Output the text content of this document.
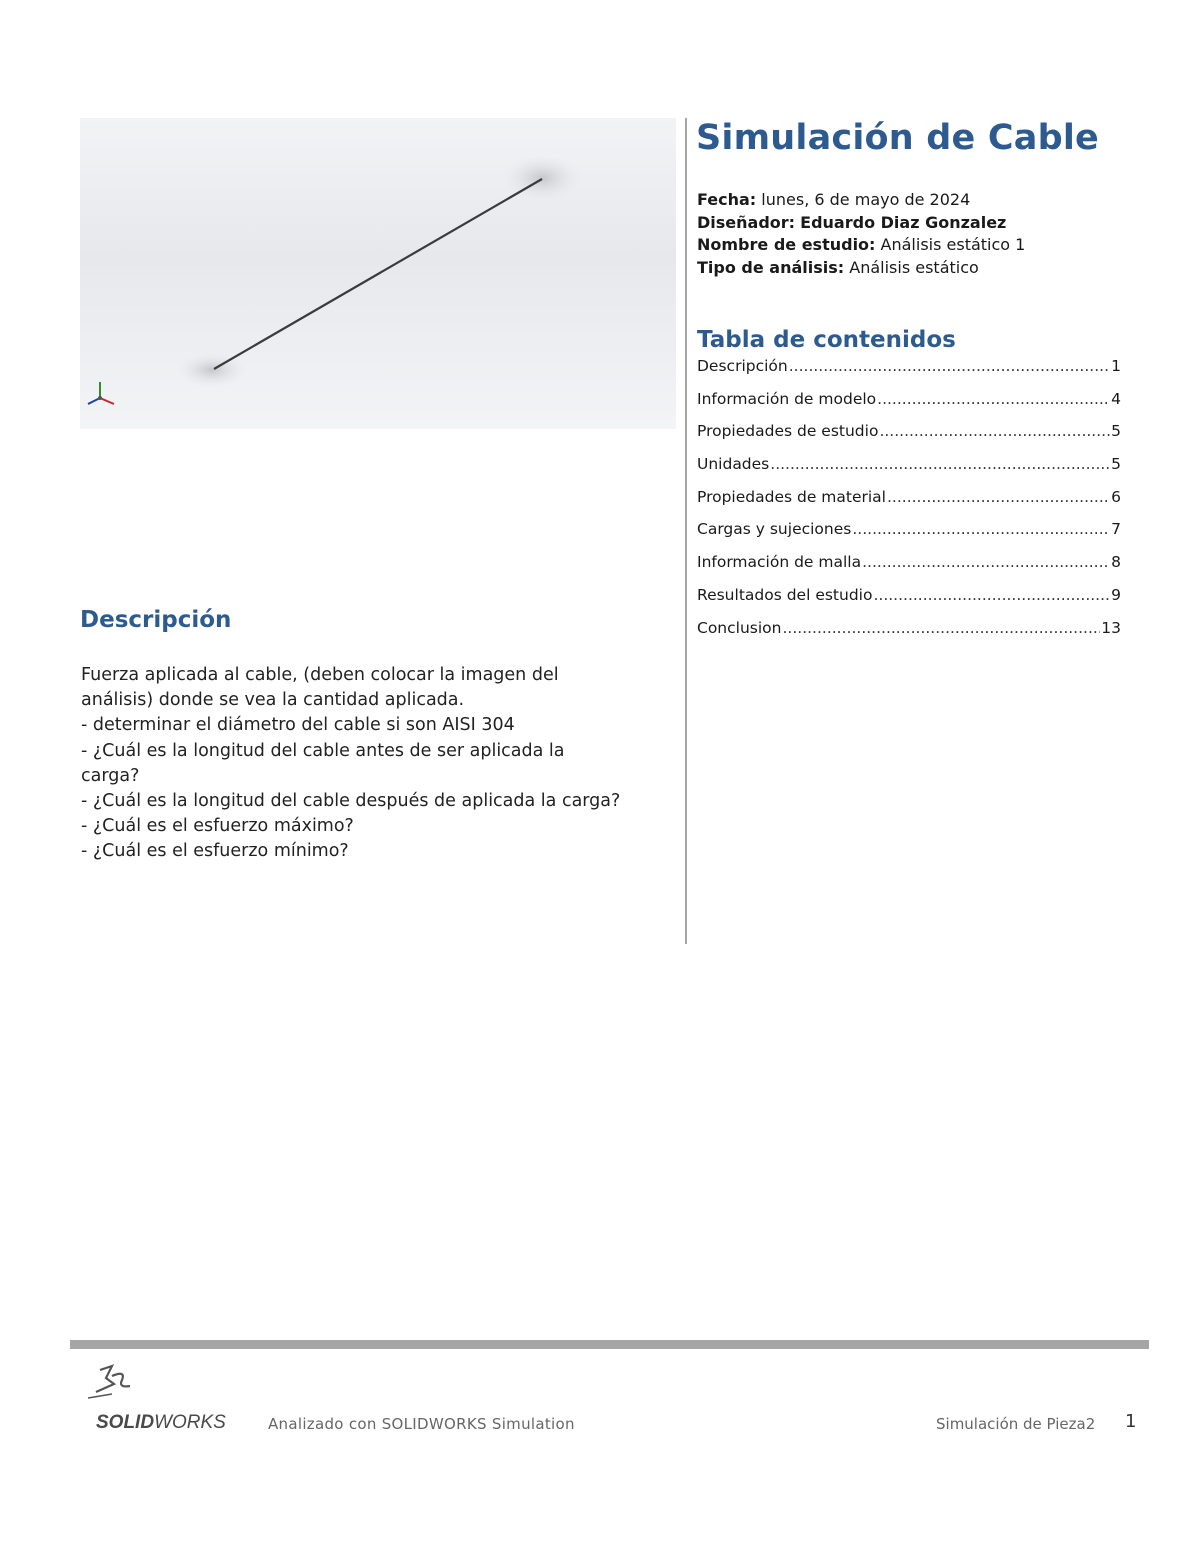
Simulación de Cable
Fecha: lunes, 6 de mayo de 2024
Diseñador: Eduardo Diaz Gonzalez
Nombre de estudio: Análisis estático 1
Tipo de análisis: Análisis estático
Tabla de contenidos
Descripción .....	1
Información de modelo .....	4
Propiedades de estudio .....	5
Unidades .....	5
Propiedades de material .....	6
Cargas y sujeciones .....	7
Información de malla .....	8
Resultados del estudio .....	9
Conclusion .....	13
Descripción
Fuerza aplicada al cable, (deben colocar la imagen del
análisis) donde se vea la cantidad aplicada.
- determinar el diámetro del cable si son AISI 304
- ¿Cuál es la longitud del cable antes de ser aplicada la
carga?
- ¿Cuál es la longitud del cable después de aplicada la carga?
- ¿Cuál es el esfuerzo máximo?
- ¿Cuál es el esfuerzo mínimo?
SOLIDWORKS	Analizado con SOLIDWORKS Simulation	Simulación de Pieza2 1
